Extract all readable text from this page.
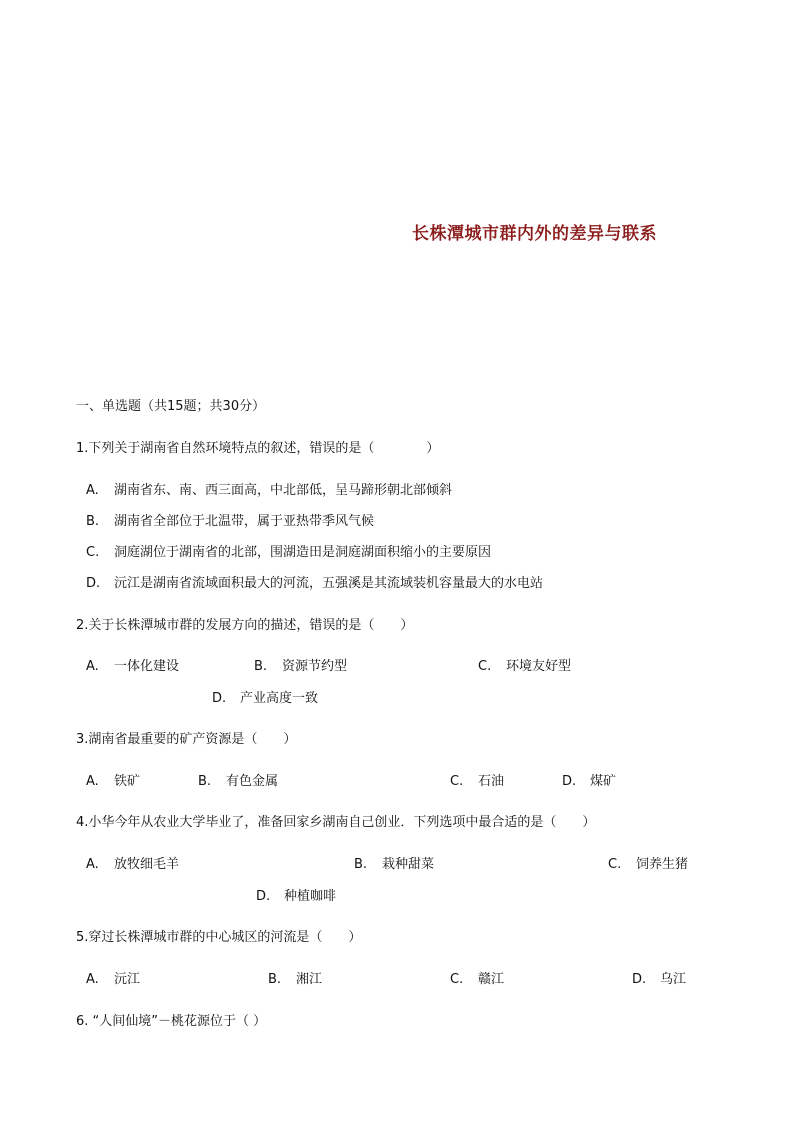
长株潭城市群内外的差异与联系
一、单选题（共15题；共30分）
1.下列关于湖南省自然环境特点的叙述，错误的是（　　　　）
A. 湖南省东、南、西三面高，中北部低，呈马蹄形朝北部倾斜
B. 湖南省全部位于北温带，属于亚热带季风气候
C. 洞庭湖位于湖南省的北部，围湖造田是洞庭湖面积缩小的主要原因
D. 沅江是湖南省流域面积最大的河流，五强溪是其流域装机容量最大的水电站
2.关于长株潭城市群的发展方向的描述，错误的是（　　）
A. 一体化建设	B. 资源节约型	C. 环境友好型
D. 产业高度一致
3.湖南省最重要的矿产资源是（　　）
A. 铁矿	B. 有色金属	C. 石油	D. 煤矿
4.小华今年从农业大学毕业了，准备回家乡湖南自己创业．下列选项中最合适的是（　　）
A. 放牧细毛羊	B. 栽种甜菜	C. 饲养生猪
D. 种植咖啡
5.穿过长株潭城市群的中心城区的河流是（　　）
A. 沅江	B. 湘江	C. 赣江	D. 乌江
6. “人间仙境”－桃花源位于（ ）
